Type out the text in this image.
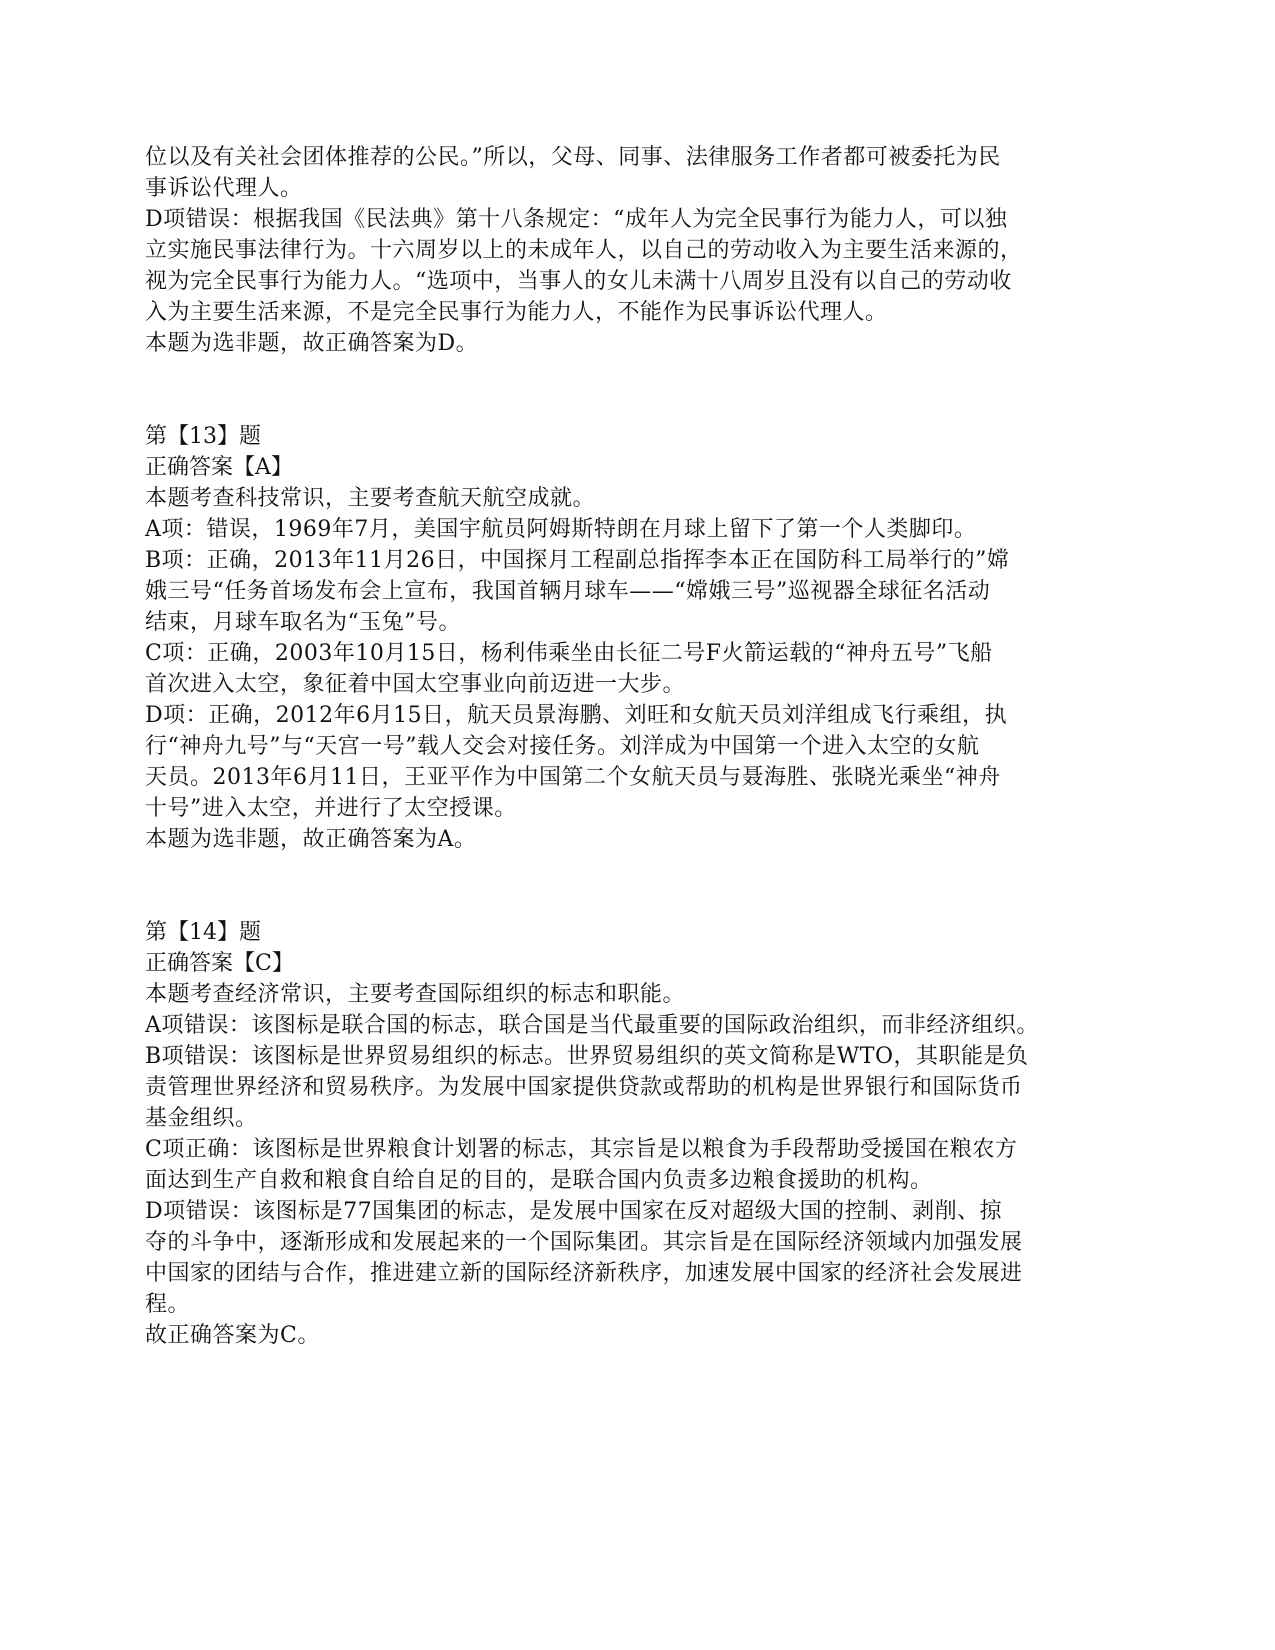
位以及有关社会团体推荐的公民。”所以，父母、同事、法律服务工作者都可被委托为民
事诉讼代理人。
D项错误：根据我国《民法典》第十八条规定：“成年人为完全民事行为能力人，可以独
立实施民事法律行为。十六周岁以上的未成年人，以自己的劳动收入为主要生活来源的，
视为完全民事行为能力人。“选项中，当事人的女儿未满十八周岁且没有以自己的劳动收
入为主要生活来源，不是完全民事行为能力人，不能作为民事诉讼代理人。
本题为选非题，故正确答案为D。
第【13】题
正确答案【A】
本题考查科技常识，主要考查航天航空成就。
A项：错误，1969年7月，美国宇航员阿姆斯特朗在月球上留下了第一个人类脚印。
B项：正确，2013年11月26日，中国探月工程副总指挥李本正在国防科工局举行的”嫦
娥三号“任务首场发布会上宣布，我国首辆月球车——“嫦娥三号”巡视器全球征名活动
结束，月球车取名为“玉兔”号。
C项：正确，2003年10月15日，杨利伟乘坐由长征二号F火箭运载的“神舟五号”飞船
首次进入太空，象征着中国太空事业向前迈进一大步。
D项：正确，2012年6月15日，航天员景海鹏、刘旺和女航天员刘洋组成飞行乘组，执
行“神舟九号”与“天宫一号”载人交会对接任务。刘洋成为中国第一个进入太空的女航
天员。2013年6月11日，王亚平作为中国第二个女航天员与聂海胜、张晓光乘坐“神舟
十号”进入太空，并进行了太空授课。
本题为选非题，故正确答案为A。
第【14】题
正确答案【C】
本题考查经济常识，主要考查国际组织的标志和职能。
A项错误：该图标是联合国的标志，联合国是当代最重要的国际政治组织，而非经济组织。
B项错误：该图标是世界贸易组织的标志。世界贸易组织的英文简称是WTO，其职能是负
责管理世界经济和贸易秩序。为发展中国家提供贷款或帮助的机构是世界银行和国际货币
基金组织。
C项正确：该图标是世界粮食计划署的标志，其宗旨是以粮食为手段帮助受援国在粮农方
面达到生产自救和粮食自给自足的目的，是联合国内负责多边粮食援助的机构。
D项错误：该图标是77国集团的标志，是发展中国家在反对超级大国的控制、剥削、掠
夺的斗争中，逐渐形成和发展起来的一个国际集团。其宗旨是在国际经济领域内加强发展
中国家的团结与合作，推进建立新的国际经济新秩序，加速发展中国家的经济社会发展进
程。
故正确答案为C。
